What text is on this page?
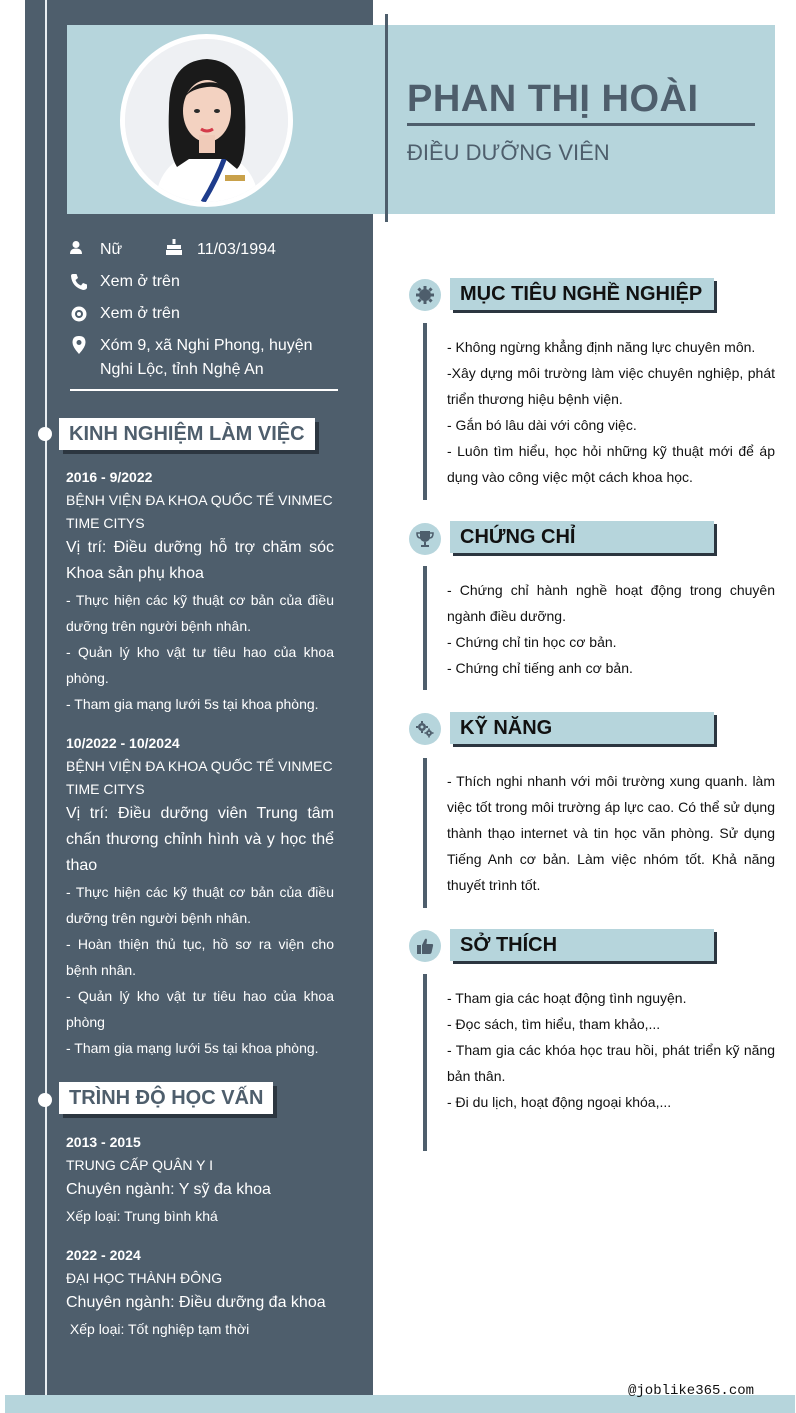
PHAN THỊ HOÀI
ĐIỀU DƯỠNG VIÊN
Nữ	11/03/1994
Xem ở trên
Xem ở trên
Xóm 9, xã Nghi Phong, huyện
Nghi Lộc, tỉnh Nghệ An
KINH NGHIỆM LÀM VIỆC
2016 - 9/2022
BỆNH VIỆN ĐA KHOA QUỐC TẾ VINMEC
TIME CITYS
Vị trí: Điều dưỡng hỗ trợ chăm sóc Khoa sản phụ khoa
- Thực hiện các kỹ thuật cơ bản của điều dưỡng trên người bệnh nhân.
- Quản lý kho vật tư tiêu hao của khoa phòng.
- Tham gia mạng lưới 5s tại khoa phòng.
10/2022 - 10/2024
BỆNH VIỆN ĐA KHOA QUỐC TẾ VINMEC
TIME CITYS
Vị trí: Điều dưỡng viên Trung tâm chấn thương chỉnh hình và y học thể thao
- Thực hiện các kỹ thuật cơ bản của điều dưỡng trên người bệnh nhân.
- Hoàn thiện thủ tục, hồ sơ ra viện cho bệnh nhân.
- Quản lý kho vật tư tiêu hao của khoa phòng
- Tham gia mạng lưới 5s tại khoa phòng.
TRÌNH ĐỘ HỌC VẤN
2013 - 2015
TRUNG CẤP QUÂN Y I
Chuyên ngành: Y sỹ đa khoa
Xếp loại: Trung bình khá
2022 - 2024
ĐẠI HỌC THÀNH ĐÔNG
Chuyên ngành: Điều dưỡng đa khoa
Xếp loại: Tốt nghiệp tạm thời
MỤC TIÊU NGHỀ NGHIỆP
- Không ngừng khẳng định năng lực chuyên môn.
-Xây dựng môi trường làm việc chuyên nghiệp, phát triển thương hiệu bệnh viện.
- Gắn bó lâu dài với công việc.
- Luôn tìm hiểu, học hỏi những kỹ thuật mới để áp dụng vào công việc một cách khoa học.
CHỨNG CHỈ
- Chứng chỉ hành nghề hoạt động trong chuyên ngành điều dưỡng.
- Chứng chỉ tin học cơ bản.
- Chứng chỉ tiếng anh cơ bản.
KỸ NĂNG
- Thích nghi nhanh với môi trường xung quanh. làm việc tốt trong môi trường áp lực cao. Có thể sử dụng thành thạo internet và tin học văn phòng. Sử dụng Tiếng Anh cơ bản. Làm việc nhóm tốt. Khả năng thuyết trình tốt.
SỞ THÍCH
- Tham gia các hoạt động tình nguyện.
- Đọc sách, tìm hiểu, tham khảo,...
- Tham gia các khóa học trau hồi, phát triển kỹ năng bản thân.
- Đi du lịch, hoạt động ngoại khóa,...
@joblike365.com
